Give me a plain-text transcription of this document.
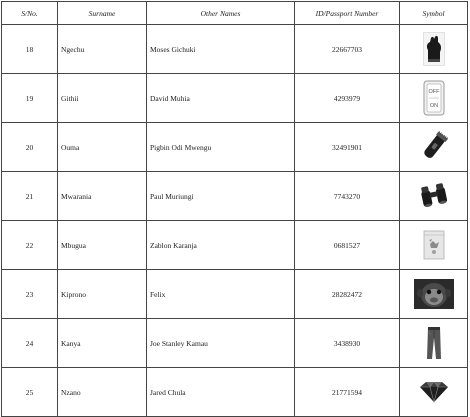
S/No.	Surname	Other Names	ID/Passport Number	Symbol
18	Ngechu	Moses Gichuki	22667703	

19	Githii	David Muhia	4293979	OFF
ON

20	Ouma	Pigbin Odi Mwengu	32491901	

21	Mwarania	Paul Muriungi	7743270	

22	Mbugua	Zablon Karanja	0681527	

23	Kiprono	Felix	28282472	

24	Kanya	Joe Stanley Kamau	3438930	

25	Nzano	Jared Chula	21771594	
